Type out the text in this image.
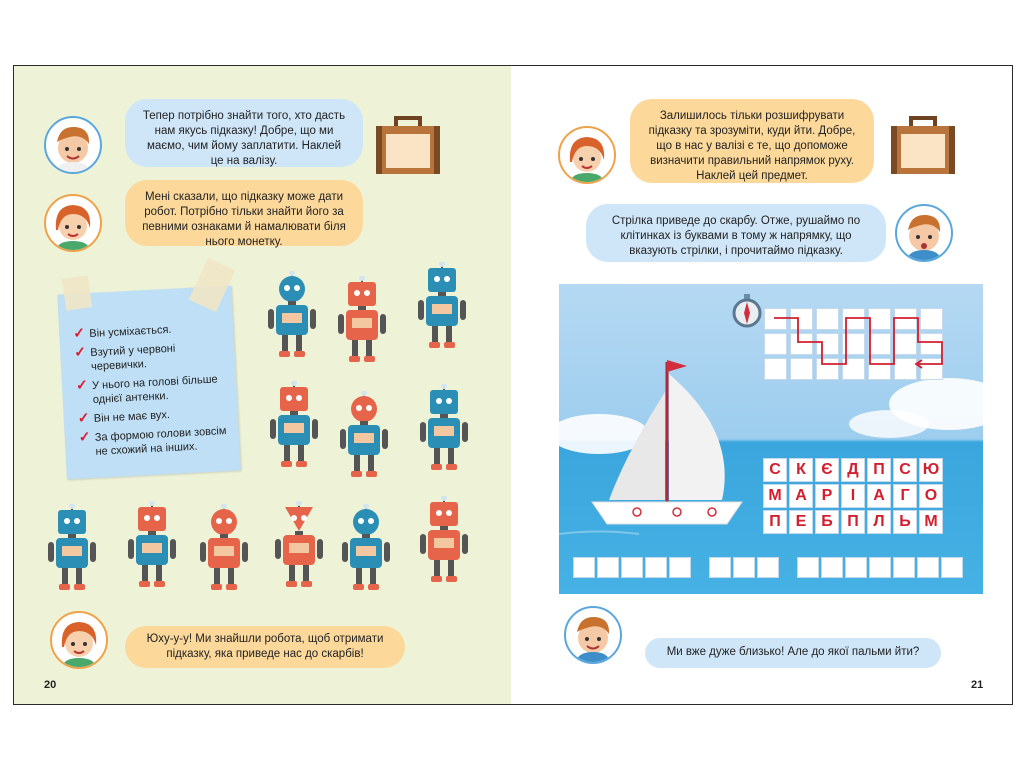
Тепер потрібно знайти того, хто дасть нам якусь підказку! Добре, що ми маємо, чим йому заплатити. Наклей це на валізу.
Мені сказали, що підказку може дати робот. Потрібно тільки знайти його за певними ознаками й намалювати біля нього монетку.
✓ Він усміхається.
✓ Взутий у червоні черевички.
✓ У нього на голові більше однієї антенки.
✓ Він не має вух.
✓ За формою голови зовсім не схожий на інших.
Юху-у-у! Ми знайшли робота, щоб отримати підказку, яка приведе нас до скарбів!
20
Залишилось тільки розшифрувати підказку та зрозуміти, куди йти. Добре, що в нас у валізі є те, що допоможе визначити правильний напрямок руху. Наклей цей предмет.
Стрілка приведе до скарбу. Отже, рушаймо по клітинках із буквами в тому ж напрямку, що вказують стрілки, і прочитаймо підказку.
Ми вже дуже близько! Але до якої пальми йти?
21
С К Є Д П С Ю
М А Р	І	А Г О
П Е Б П Л Ь М
